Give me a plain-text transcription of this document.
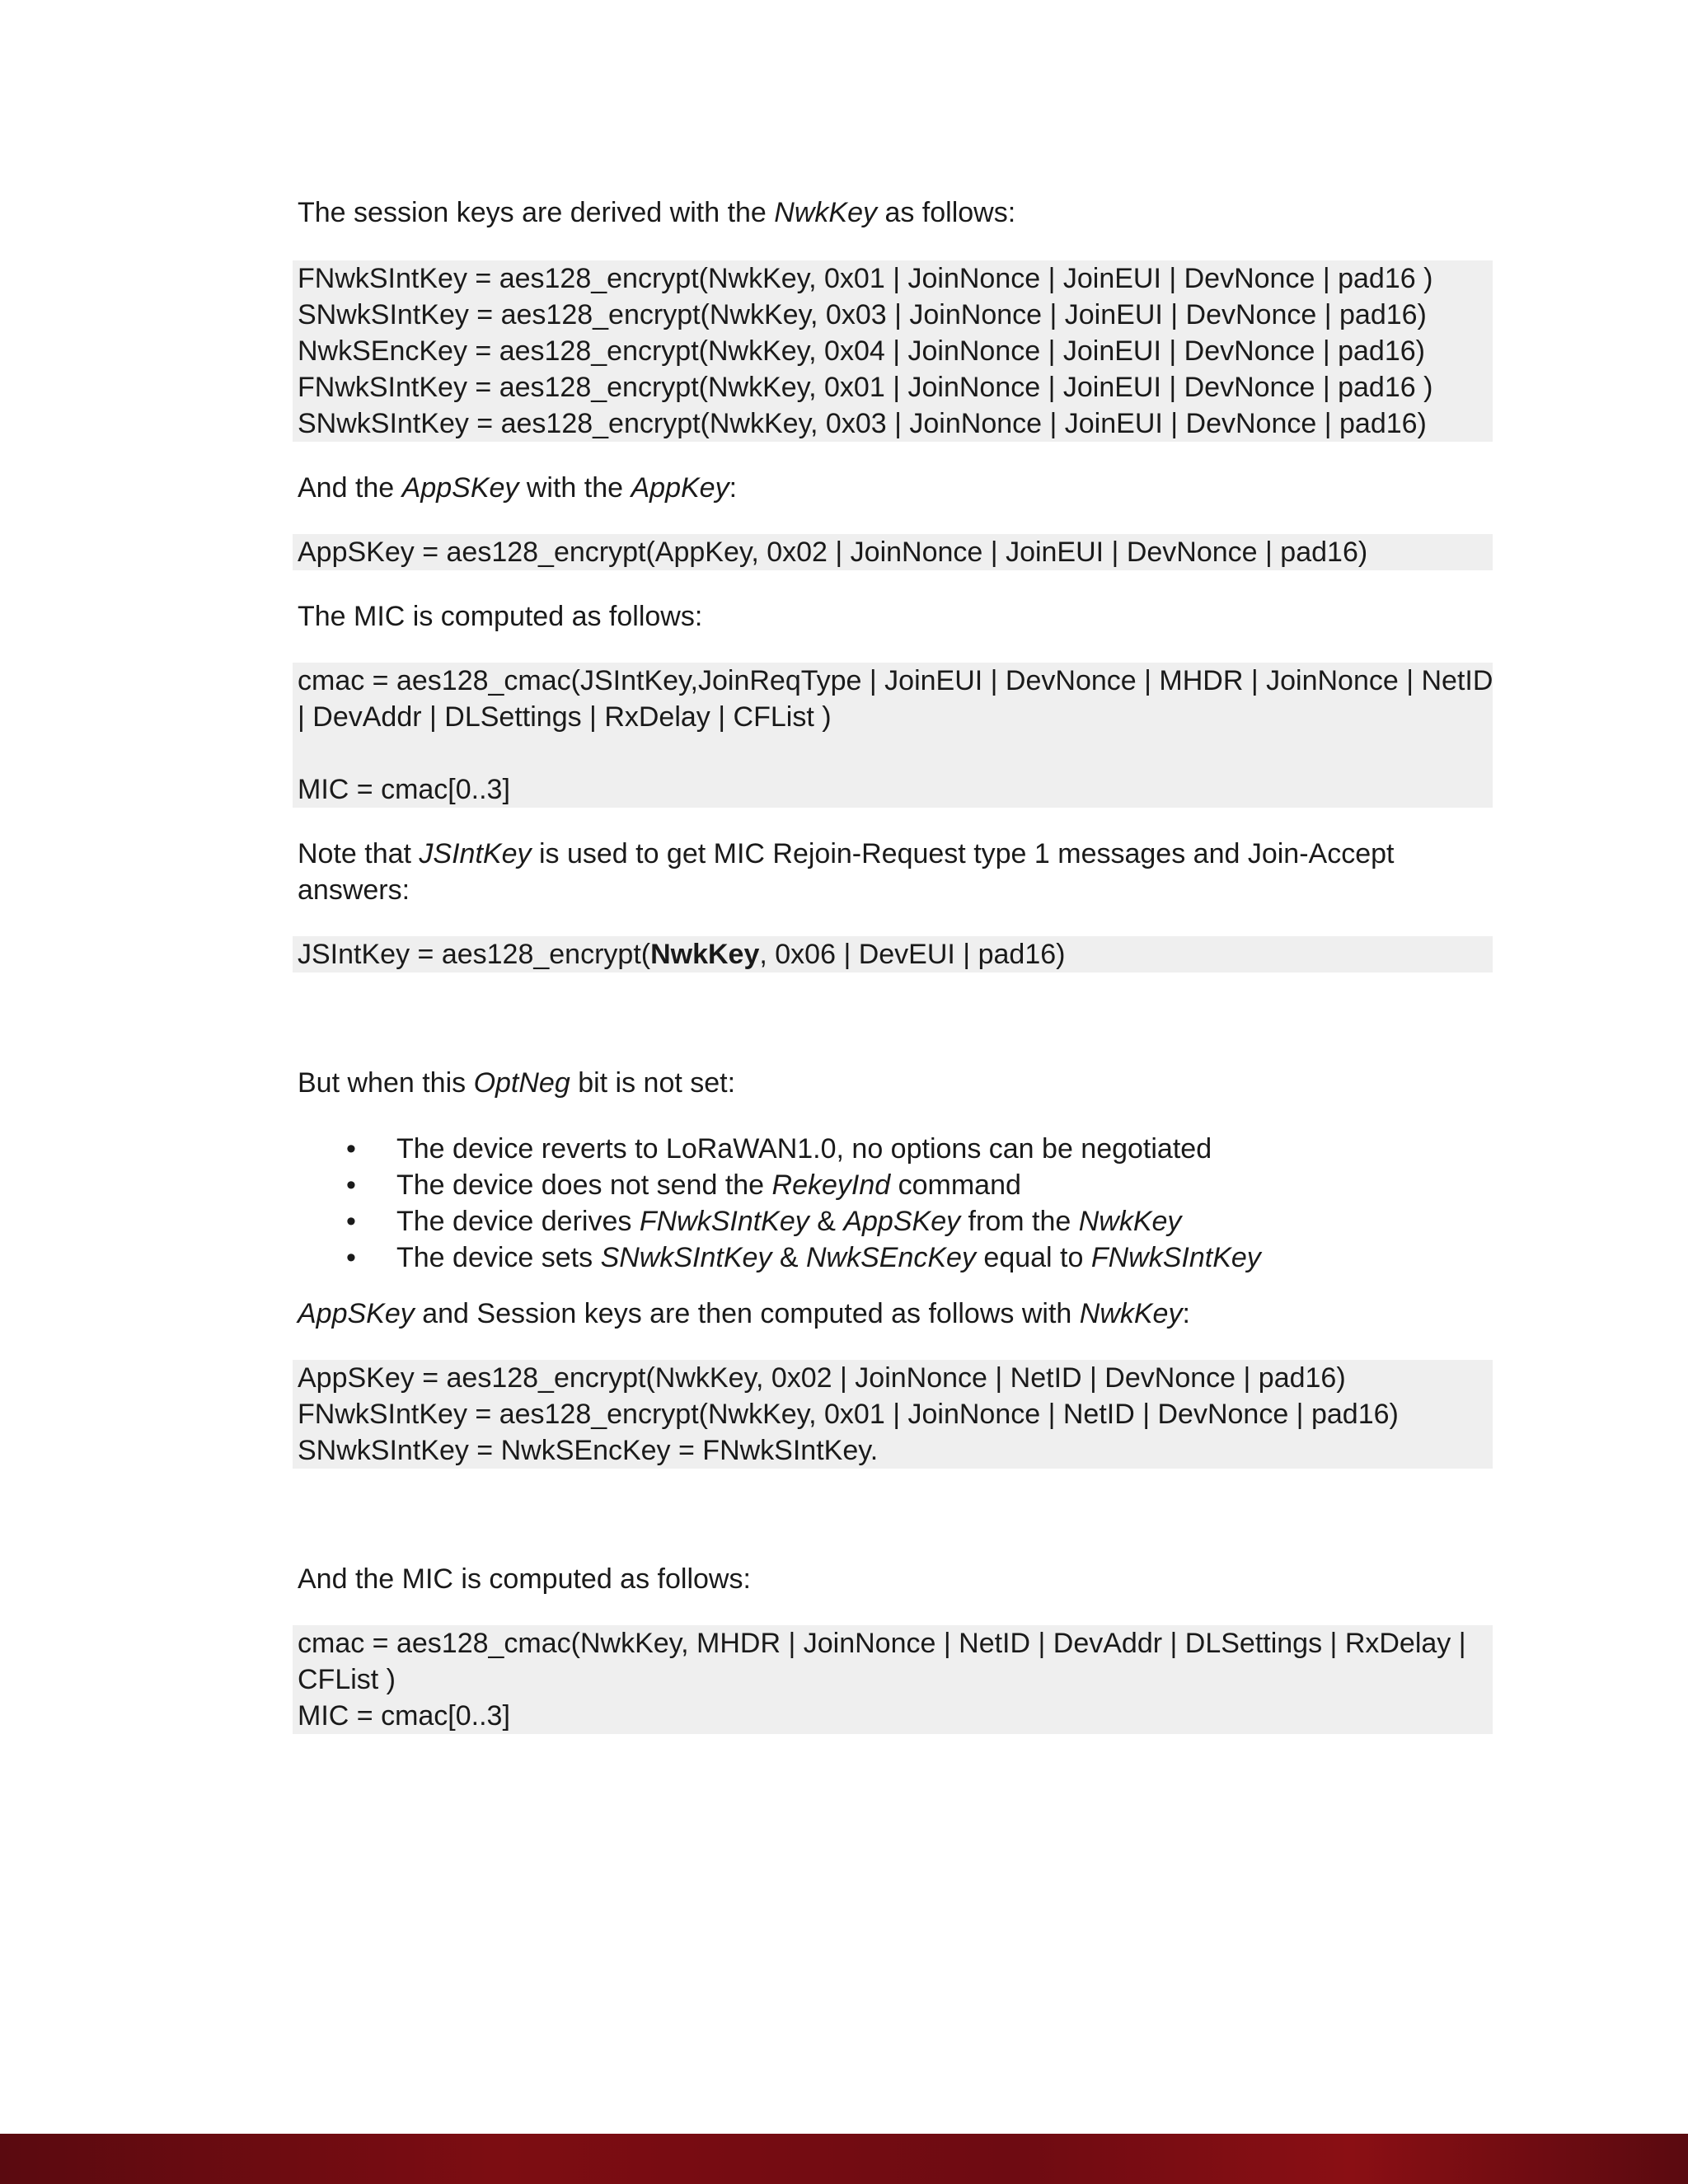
The session keys are derived with the NwkKey as follows:

FNwkSIntKey = aes128_encrypt(NwkKey, 0x01 | JoinNonce | JoinEUI | DevNonce | pad16 )
SNwkSIntKey = aes128_encrypt(NwkKey, 0x03 | JoinNonce | JoinEUI | DevNonce | pad16)
NwkSEncKey = aes128_encrypt(NwkKey, 0x04 | JoinNonce | JoinEUI | DevNonce | pad16)
FNwkSIntKey = aes128_encrypt(NwkKey, 0x01 | JoinNonce | JoinEUI | DevNonce | pad16 )
SNwkSIntKey = aes128_encrypt(NwkKey, 0x03 | JoinNonce | JoinEUI | DevNonce | pad16)

And the AppSKey with the AppKey:

AppSKey = aes128_encrypt(AppKey, 0x02 | JoinNonce | JoinEUI | DevNonce | pad16)

The MIC is computed as follows:

cmac = aes128_cmac(JSIntKey,JoinReqType | JoinEUI | DevNonce | MHDR | JoinNonce | NetID
| DevAddr | DLSettings | RxDelay | CFList )
MIC = cmac[0..3]

Note that JSIntKey is used to get MIC Rejoin-Request type 1 messages and Join-Accept answers:

JSIntKey = aes128_encrypt(NwkKey, 0x06 | DevEUI | pad16)

But when this OptNeg bit is not set:

• The device reverts to LoRaWAN1.0, no options can be negotiated
• The device does not send the RekeyInd command
• The device derives FNwkSIntKey & AppSKey from the NwkKey
• The device sets SNwkSIntKey & NwkSEncKey equal to FNwkSIntKey

AppSKey and Session keys are then computed as follows with NwkKey:

AppSKey = aes128_encrypt(NwkKey, 0x02 | JoinNonce | NetID | DevNonce | pad16)
FNwkSIntKey = aes128_encrypt(NwkKey, 0x01 | JoinNonce | NetID | DevNonce | pad16)
SNwkSIntKey = NwkSEncKey = FNwkSIntKey.

And the MIC is computed as follows:

cmac = aes128_cmac(NwkKey, MHDR | JoinNonce | NetID | DevAddr | DLSettings | RxDelay |
CFList )
MIC = cmac[0..3]
